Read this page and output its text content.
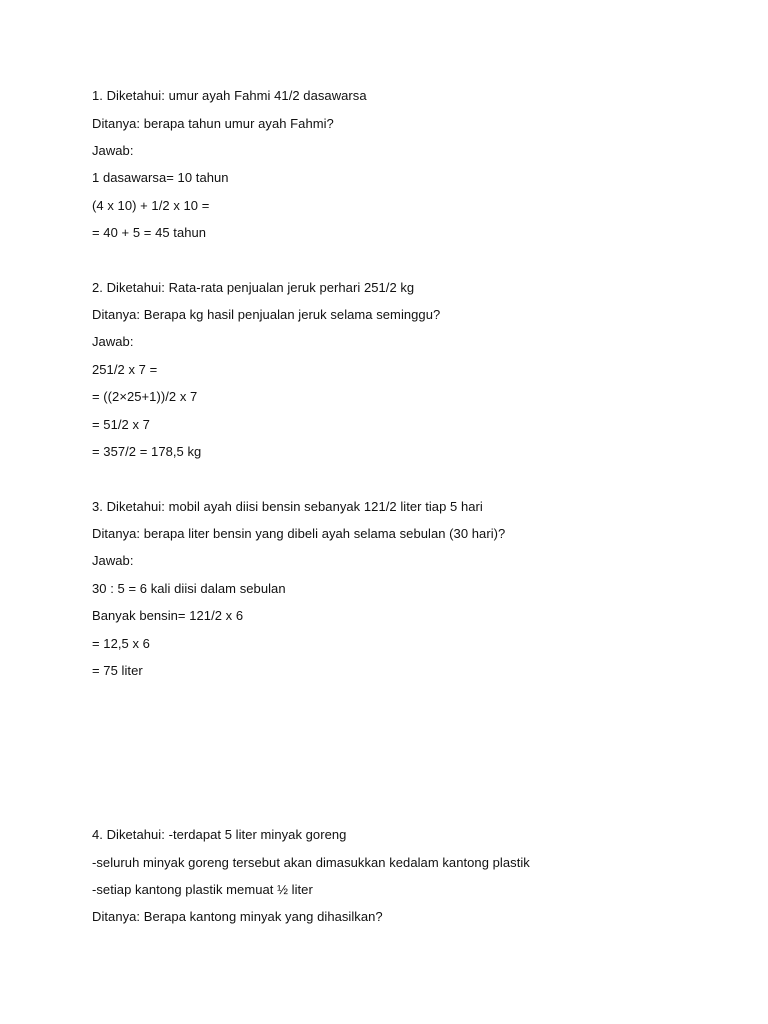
1. Diketahui: umur ayah Fahmi 41/2 dasawarsa
Ditanya: berapa tahun umur ayah Fahmi?
Jawab:
1 dasawarsa= 10 tahun
(4 x 10) + 1/2 x 10 =
= 40 + 5 = 45 tahun
2. Diketahui: Rata-rata penjualan jeruk perhari 251/2 kg
Ditanya: Berapa kg hasil penjualan jeruk selama seminggu?
Jawab:
251/2 x 7 =
= ((2×25+1))/2 x 7
= 51/2 x 7
= 357/2 = 178,5 kg
3. Diketahui: mobil ayah diisi bensin sebanyak 121/2 liter tiap 5 hari
Ditanya: berapa liter bensin yang dibeli ayah selama sebulan (30 hari)?
Jawab:
30 : 5 = 6 kali diisi dalam sebulan
Banyak bensin= 121/2 x 6
= 12,5 x 6
= 75 liter
4. Diketahui: -terdapat 5 liter minyak goreng
-seluruh minyak goreng tersebut akan dimasukkan kedalam kantong plastik
-setiap kantong plastik memuat ½ liter
Ditanya: Berapa kantong minyak yang dihasilkan?
